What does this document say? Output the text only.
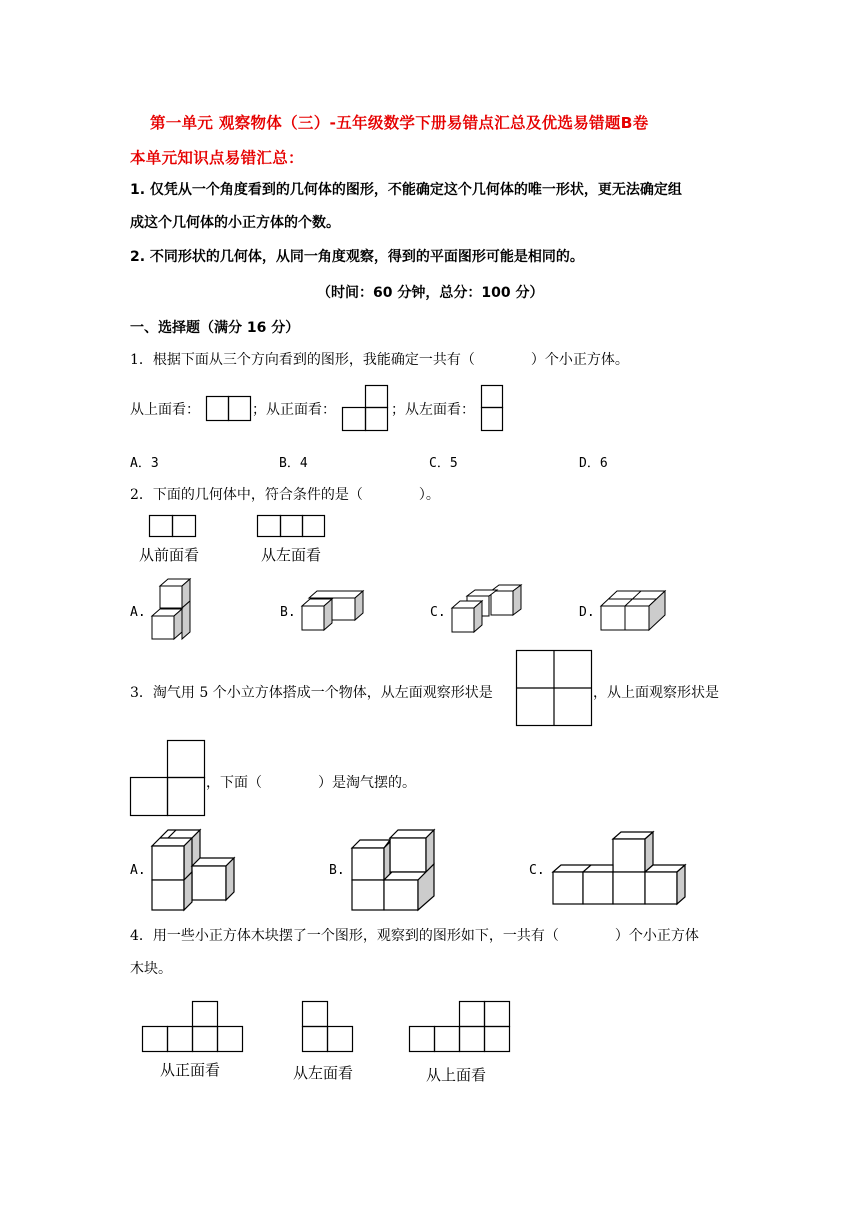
第一单元 观察物体（三）-五年级数学下册易错点汇总及优选易错题B卷
本单元知识点易错汇总：
1. 仅凭从一个角度看到的几何体的图形，不能确定这个几何体的唯一形状，更无法确定组
成这个几何体的小正方体的个数。
2. 不同形状的几何体，从同一角度观察，得到的平面图形可能是相同的。
（时间：60 分钟，总分：100 分）
一、选择题（满分 16 分）
1．根据下面从三个方向看到的图形，我能确定一共有（　　　　）个小正方体。
从上面看：	；从正面看：	；从左面看：
A．3	B．4	C．5	D．6
2．下面的几何体中，符合条件的是（　　　　）。
从前面看	从左面看
A.	B.	C.	D.
3．淘气用 5 个小立方体搭成一个物体，从左面观察形状是	，从上面观察形状是
，下面（　　　　）是淘气摆的。
A.	B.	C.
4．用一些小正方体木块摆了一个图形，观察到的图形如下，一共有（　　　　）个小正方体
木块。
从正面看	从左面看	从上面看
